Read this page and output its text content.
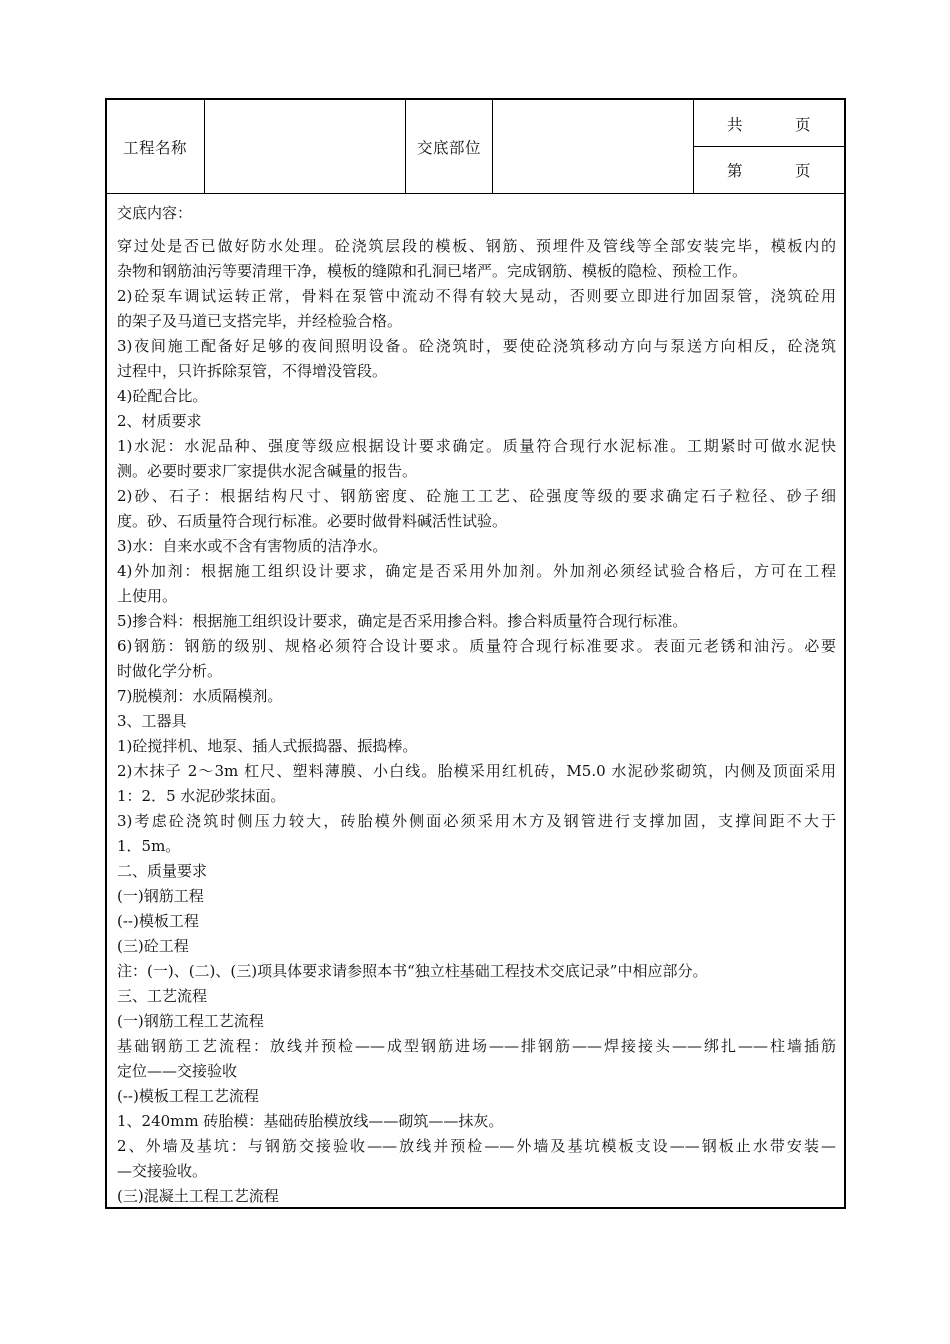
工程名称	交底部位
共	页
第	页
交底内容：
穿过处是否已做好防水处理。砼浇筑层段的模板、钢筋、预埋件及管线等全部安装完毕，模板内的
杂物和钢筋油污等要清理干净，模板的缝隙和孔洞已堵严。完成钢筋、模板的隐检、预检工作。
2)砼泵车调试运转正常，骨料在泵管中流动不得有较大晃动，否则要立即进行加固泵管，浇筑砼用
的架子及马道已支搭完毕，并经检验合格。
3)夜间施工配备好足够的夜间照明设备。砼浇筑时，要使砼浇筑移动方向与泵送方向相反，砼浇筑
过程中，只许拆除泵管，不得增没管段。
4)砼配合比。
2、材质要求
1)水泥：水泥品种、强度等级应根据设计要求确定。质量符合现行水泥标准。工期紧时可做水泥快
测。必要时要求厂家提供水泥含碱量的报告。
2)砂、石子：根据结构尺寸、钢筋密度、砼施工工艺、砼强度等级的要求确定石子粒径、砂子细
度。砂、石质量符合现行标准。必要时做骨料碱活性试验。
3)水：自来水或不含有害物质的洁净水。
4)外加剂：根据施工组织设计要求，确定是否采用外加剂。外加剂必须经试验合格后，方可在工程
上使用。
5)掺合料：根据施工组织设计要求，确定是否采用掺合料。掺合料质量符合现行标准。
6)钢筋：钢筋的级别、规格必须符合设计要求。质量符合现行标准要求。表面元老锈和油污。必要
时做化学分析。
7)脱模剂：水质隔模剂。
3、工器具
1)砼搅拌机、地泵、插人式振捣器、振捣棒。
2)木抹子 2～3m 杠尺、塑料薄膜、小白线。胎模采用红机砖，M5.0 水泥砂浆砌筑，内侧及顶面采用
1：2．5 水泥砂浆抹面。
3)考虑砼浇筑时侧压力较大，砖胎模外侧面必须采用木方及钢管进行支撑加固，支撑间距不大于
1．5m。
二、质量要求
(一)钢筋工程
(--)模板工程
(三)砼工程
注：(一)、(二)、(三)项具体要求请参照本书“独立柱基础工程技术交底记录”中相应部分。
三、工艺流程
(一)钢筋工程工艺流程
基础钢筋工艺流程：放线并预检——成型钢筋进场——排钢筋——焊接接头——绑扎——柱墙插筋
定位——交接验收
(--)模板工程工艺流程
1、240mm 砖胎模：基础砖胎模放线——砌筑——抹灰。
2、外墙及基坑：与钢筋交接验收——放线并预检——外墙及基坑模板支设——钢板止水带安装—
—交接验收。
(三)混凝土工程工艺流程
